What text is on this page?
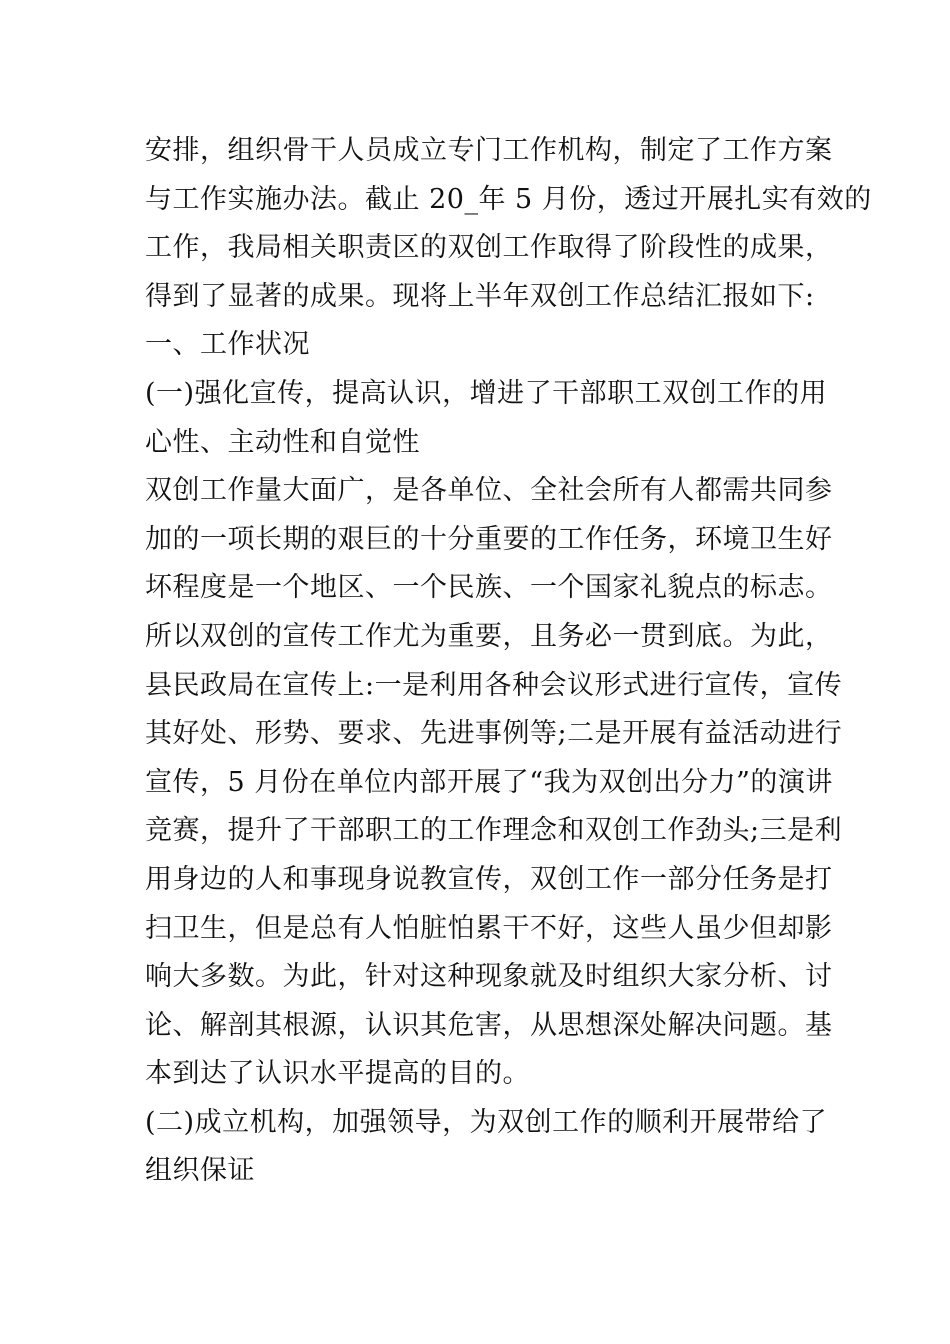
安排，组织骨干人员成立专门工作机构，制定了工作方案
与工作实施办法。截止 20_年 5 月份，透过开展扎实有效的
工作，我局相关职责区的双创工作取得了阶段性的成果，
得到了显著的成果。现将上半年双创工作总结汇报如下:
一、工作状况
(一)强化宣传，提高认识，增进了干部职工双创工作的用
心性、主动性和自觉性
双创工作量大面广，是各单位、全社会所有人都需共同参
加的一项长期的艰巨的十分重要的工作任务，环境卫生好
坏程度是一个地区、一个民族、一个国家礼貌点的标志。
所以双创的宣传工作尤为重要，且务必一贯到底。为此，
县民政局在宣传上:一是利用各种会议形式进行宣传，宣传
其好处、形势、要求、先进事例等;二是开展有益活动进行
宣传，5 月份在单位内部开展了“我为双创出分力”的演讲
竞赛，提升了干部职工的工作理念和双创工作劲头;三是利
用身边的人和事现身说教宣传，双创工作一部分任务是打
扫卫生，但是总有人怕脏怕累干不好，这些人虽少但却影
响大多数。为此，针对这种现象就及时组织大家分析、讨
论、解剖其根源，认识其危害，从思想深处解决问题。基
本到达了认识水平提高的目的。
(二)成立机构，加强领导，为双创工作的顺利开展带给了
组织保证
